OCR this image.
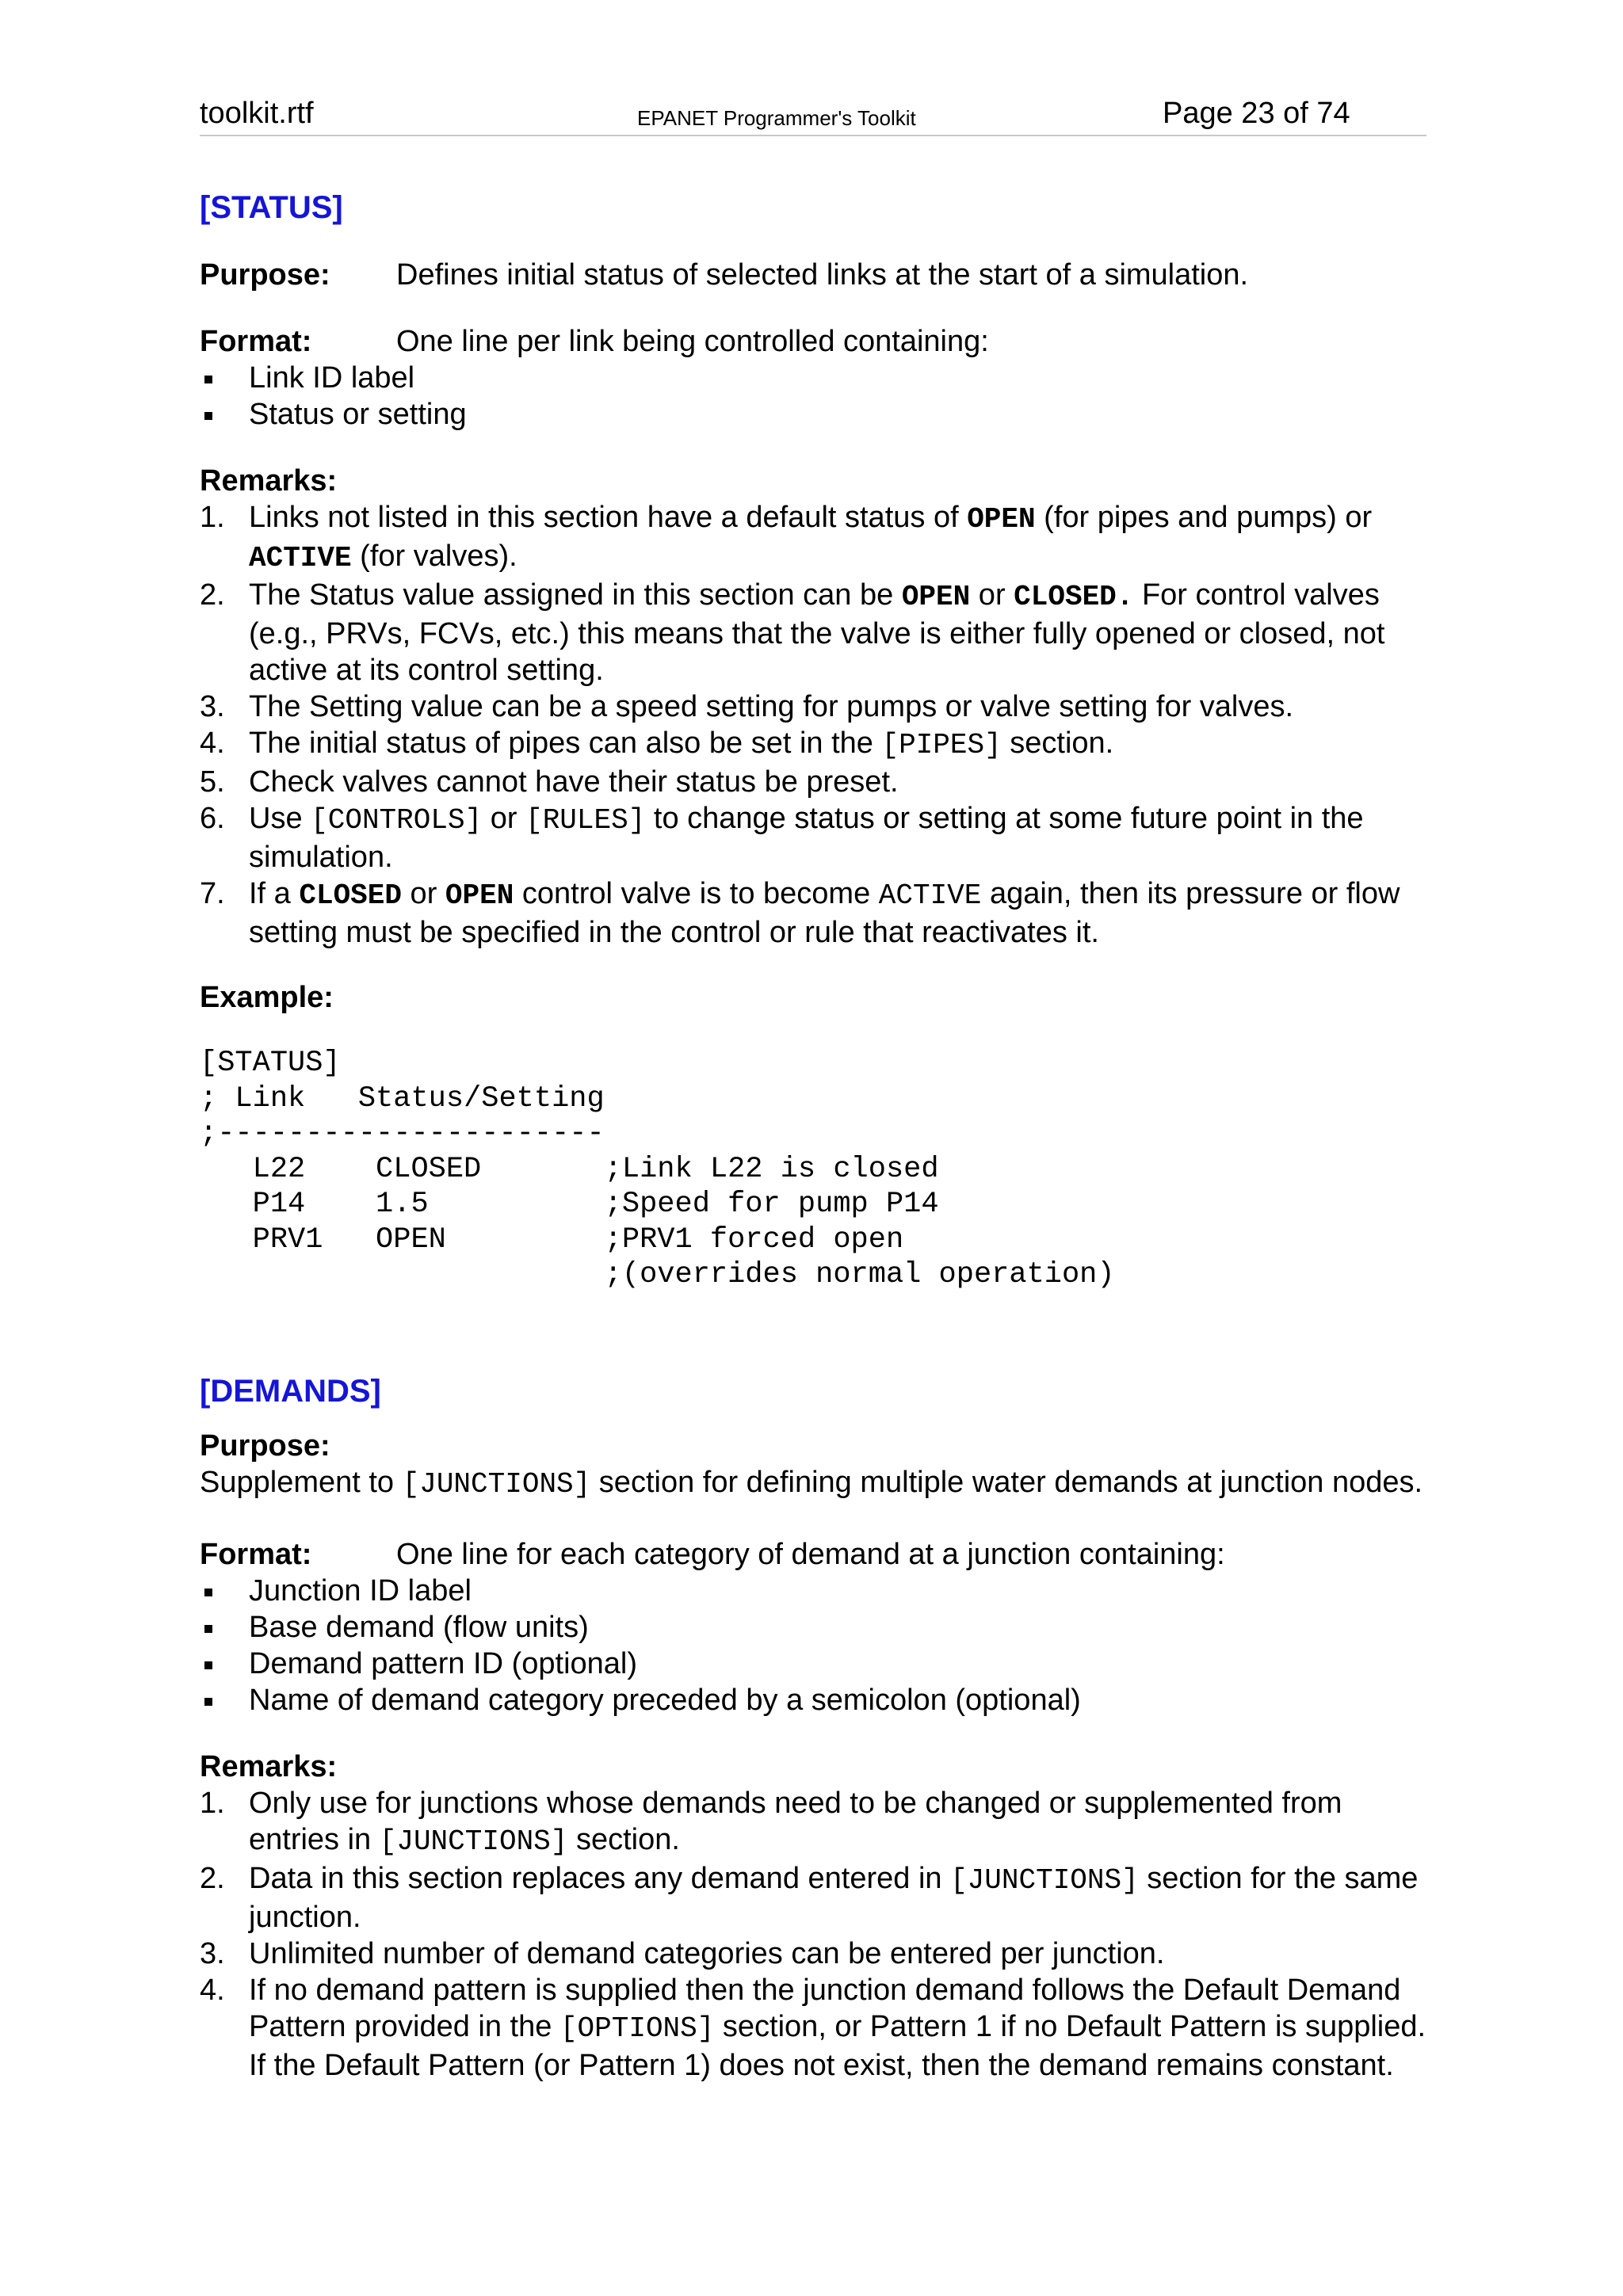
toolkit.rtf	EPANET Programmer's Toolkit	Page 23 of 74
[STATUS]
Purpose:	Defines initial status of selected links at the start of a simulation.
Format:	One line per link being controlled containing:
Link ID label
Status or setting
Remarks:
1. Links not listed in this section have a default status of OPEN (for pipes and pumps) or ACTIVE (for valves).
2. The Status value assigned in this section can be OPEN or CLOSED. For control valves (e.g., PRVs, FCVs, etc.) this means that the valve is either fully opened or closed, not active at its control setting.
3. The Setting value can be a speed setting for pumps or valve setting for valves.
4. The initial status of pipes can also be set in the [PIPES] section.
5. Check valves cannot have their status be preset.
6. Use [CONTROLS] or [RULES] to change status or setting at some future point in the simulation.
7. If a CLOSED or OPEN control valve is to become ACTIVE again, then its pressure or flow setting must be specified in the control or rule that reactivates it.
Example:
[STATUS]
; Link   Status/Setting
;----------------------
L22    CLOSED       ;Link L22 is closed
P14    1.5          ;Speed for pump P14
PRV1   OPEN         ;PRV1 forced open
;(overrides normal operation)
[DEMANDS]
Purpose:
Supplement to [JUNCTIONS] section for defining multiple water demands at junction nodes.
Format:	One line for each category of demand at a junction containing:
Junction ID label
Base demand (flow units)
Demand pattern ID (optional)
Name of demand category preceded by a semicolon (optional)
Remarks:
1. Only use for junctions whose demands need to be changed or supplemented from entries in [JUNCTIONS] section.
2. Data in this section replaces any demand entered in [JUNCTIONS] section for the same junction.
3. Unlimited number of demand categories can be entered per junction.
4. If no demand pattern is supplied then the junction demand follows the Default Demand Pattern provided in the [OPTIONS] section, or Pattern 1 if no Default Pattern is supplied. If the Default Pattern (or Pattern 1) does not exist, then the demand remains constant.
